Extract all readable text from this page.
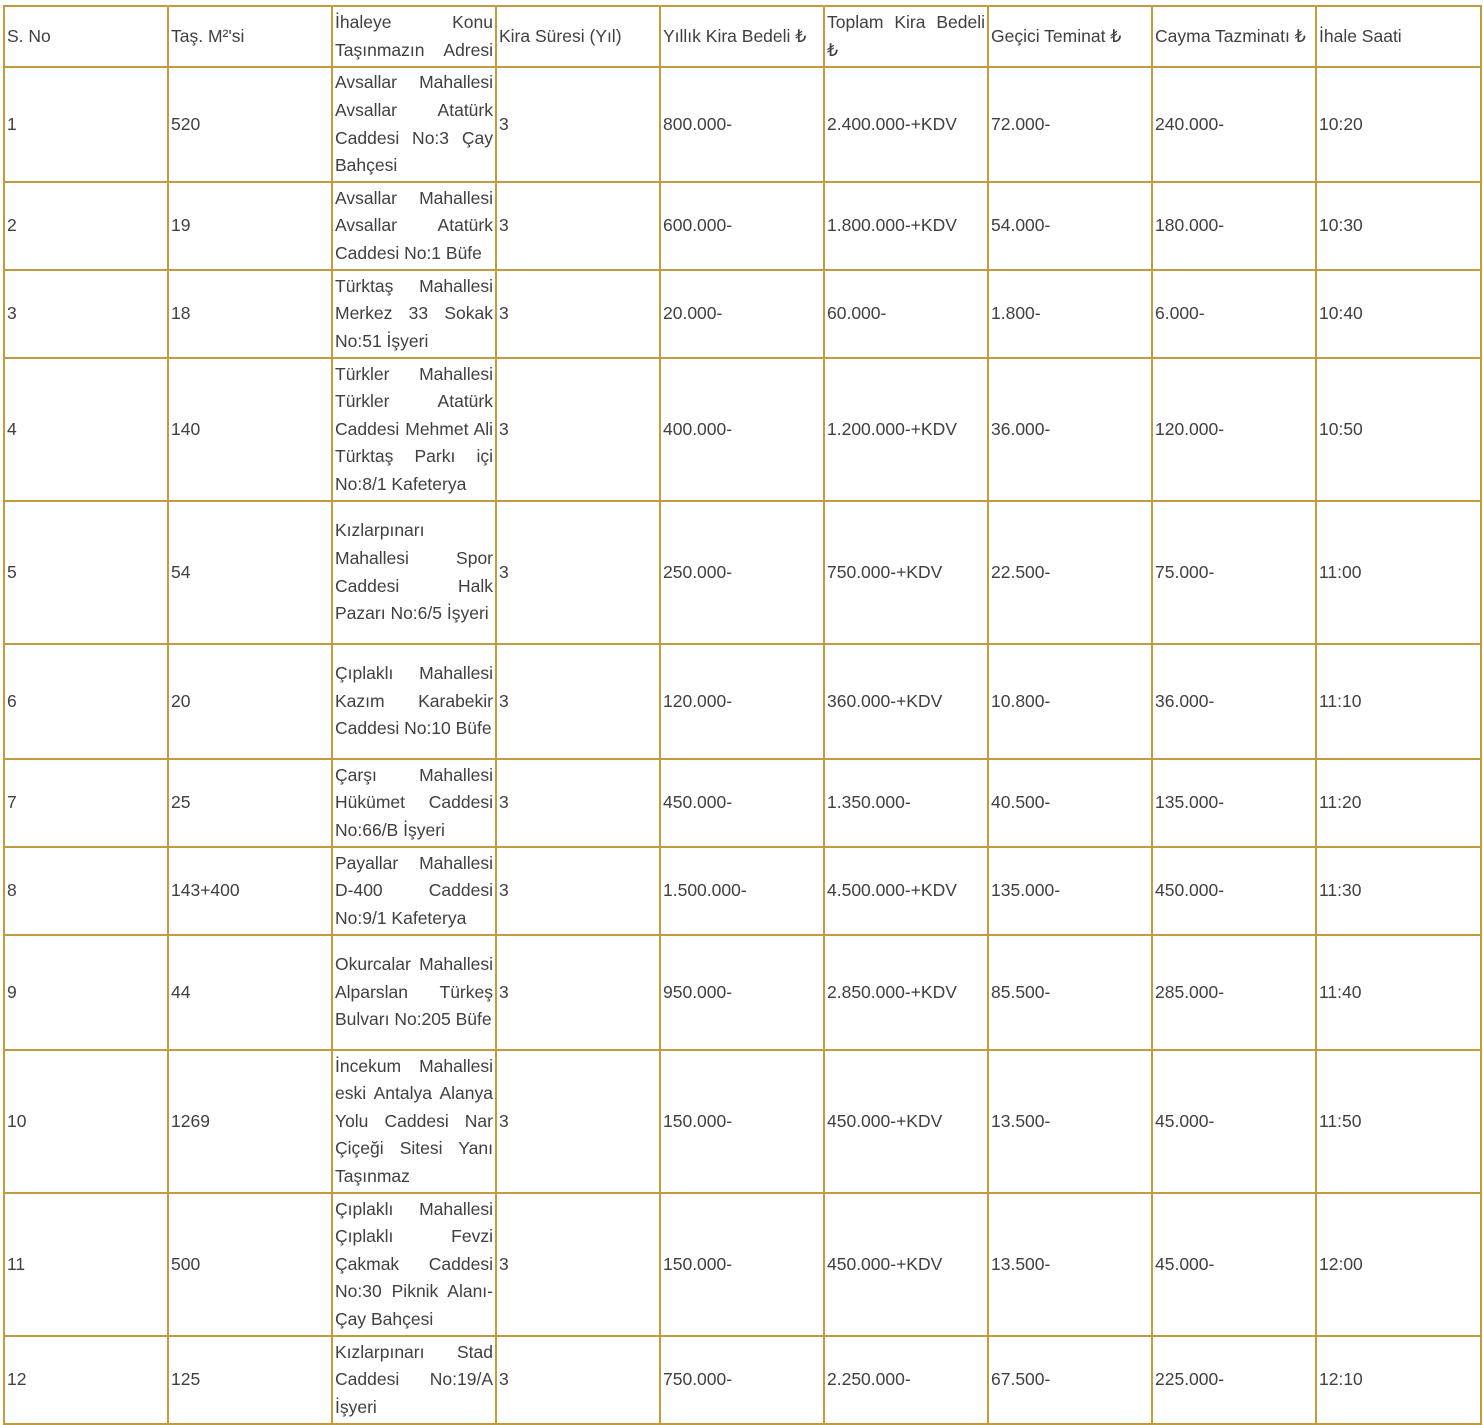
S. No	Taş. M²'si	İhaleye Konu Taşınmazın Adresi	Kira Süresi (Yıl)	Yıllık Kira Bedeli ₺	Toplam Kira Bedeli ₺	Geçici Teminat ₺	Cayma Tazminatı ₺	İhale Saati
1	520	Avsallar Mahallesi Avsallar Atatürk Caddesi No:3 Çay Bahçesi	3	800.000-	2.400.000-+KDV	72.000-	240.000-	10:20
2	19	Avsallar Mahallesi Avsallar Atatürk Caddesi No:1 Büfe	3	600.000-	1.800.000-+KDV	54.000-	180.000-	10:30
3	18	Türktaş Mahallesi Merkez 33 Sokak No:51 İşyeri	3	20.000-	60.000-	1.800-	6.000-	10:40
4	140	Türkler Mahallesi Türkler Atatürk Caddesi Mehmet Ali Türktaş Parkı içi No:8/1 Kafeterya	3	400.000-	1.200.000-+KDV	36.000-	120.000-	10:50
5	54	Kızlarpınarı Mahallesi Spor Caddesi Halk Pazarı No:6/5 İşyeri	3	250.000-	750.000-+KDV	22.500-	75.000-	11:00
6	20	Çıplaklı Mahallesi Kazım Karabekir Caddesi No:10 Büfe	3	120.000-	360.000-+KDV	10.800-	36.000-	11:10
7	25	Çarşı Mahallesi Hükümet Caddesi No:66/B İşyeri	3	450.000-	1.350.000-	40.500-	135.000-	11:20
8	143+400	Payallar Mahallesi D-400 Caddesi No:9/1 Kafeterya	3	1.500.000-	4.500.000-+KDV	135.000-	450.000-	11:30
9	44	Okurcalar Mahallesi Alparslan Türkeş Bulvarı No:205 Büfe	3	950.000-	2.850.000-+KDV	85.500-	285.000-	11:40
10	1269	İncekum Mahallesi eski Antalya Alanya Yolu Caddesi Nar Çiçeği Sitesi Yanı Taşınmaz	3	150.000-	450.000-+KDV	13.500-	45.000-	11:50
11	500	Çıplaklı Mahallesi Çıplaklı Fevzi Çakmak Caddesi No:30 Piknik Alanı-Çay Bahçesi	3	150.000-	450.000-+KDV	13.500-	45.000-	12:00
12	125	Kızlarpınarı Stad Caddesi No:19/A İşyeri	3	750.000-	2.250.000-	67.500-	225.000-	12:10
